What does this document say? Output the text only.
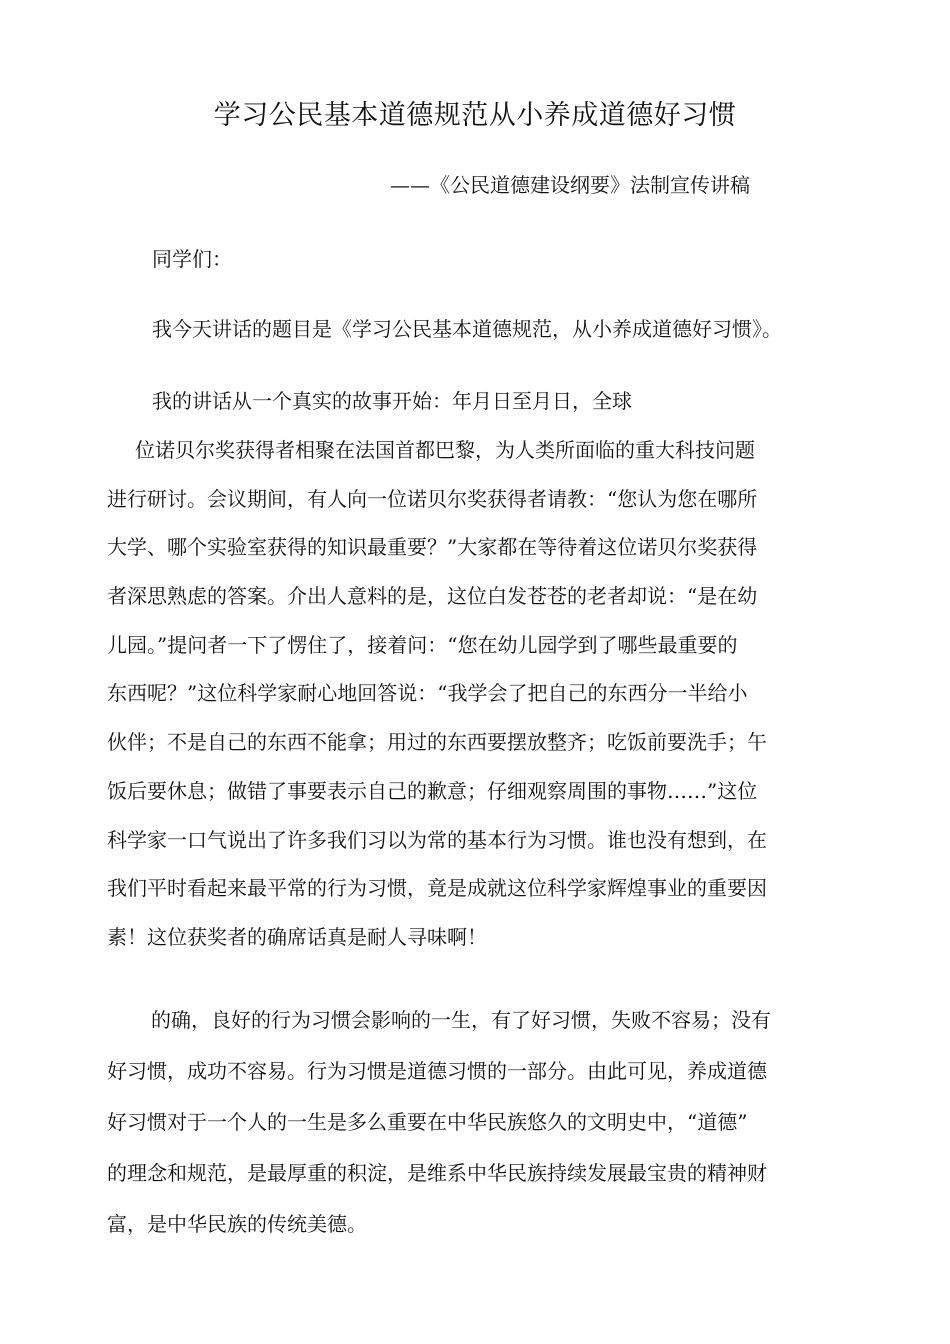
学习公民基本道德规范从小养成道德好习惯
——《公民道德建设纲要》法制宣传讲稿

同学们：

我今天讲话的题目是《学习公民基本道德规范，从小养成道德好习惯》。

我的讲话从一个真实的故事开始：年月日至月日，全球

位诺贝尔奖获得者相聚在法国首都巴黎，为人类所面临的重大科技问题
进行研讨。会议期间，有人向一位诺贝尔奖获得者请教：“您认为您在哪所
大学、哪个实验室获得的知识最重要？”大家都在等待着这位诺贝尔奖获得
者深思熟虑的答案。介出人意料的是，这位白发苍苍的老者却说：“是在幼
儿园。”提问者一下了愣住了，接着问：“您在幼儿园学到了哪些最重要的
东西呢？”这位科学家耐心地回答说：“我学会了把自己的东西分一半给小
伙伴；不是自己的东西不能拿；用过的东西要摆放整齐；吃饭前要洗手；午
饭后要休息；做错了事要表示自己的歉意；仔细观察周围的事物……”这位
科学家一口气说出了许多我们习以为常的基本行为习惯。谁也没有想到，在
我们平时看起来最平常的行为习惯，竟是成就这位科学家辉煌事业的重要因
素！这位获奖者的确席话真是耐人寻味啊！
的确，良好的行为习惯会影响的一生，有了好习惯，失败不容易；没有
好习惯，成功不容易。行为习惯是道德习惯的一部分。由此可见，养成道德
好习惯对于一个人的一生是多么重要在中华民族悠久的文明史中，“道德”
的理念和规范，是最厚重的积淀，是维系中华民族持续发展最宝贵的精神财
富，是中华民族的传统美德。
